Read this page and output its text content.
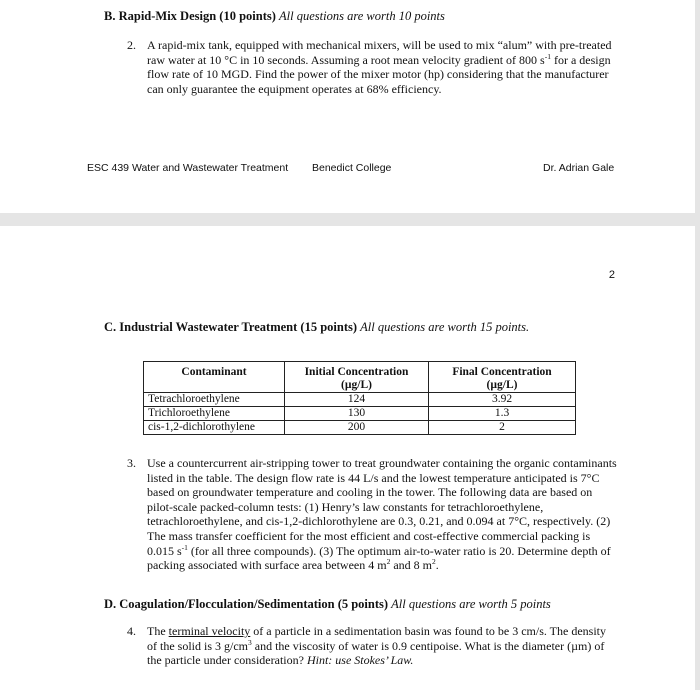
B. Rapid-Mix Design (10 points) All questions are worth 10 points
2. A rapid-mix tank, equipped with mechanical mixers, will be used to mix “alum” with pre-treated raw water at 10 °C in 10 seconds. Assuming a root mean velocity gradient of 800 $s^{-1}$ for a design flow rate of 10 MGD. Find the power of the mixer motor (hp) considering that the manufacturer can only guarantee the equipment operates at 68% efficiency.
ESC 439 Water and Wastewater Treatment Benedict College	Dr. Adrian Gale
2
C. Industrial Wastewater Treatment (15 points) All questions are worth 15 points.
Contaminant	Initial Concentration	Final Concentration
	(µg/L)	(µg/L)
Tetrachloroethylene	124	3.92
Trichloroethylene	130	1.3
cis-1,2-dichlorothylene	200	2
3. Use a countercurrent air-stripping tower to treat groundwater containing the organic contaminants listed in the table. The design flow rate is 44 L/s and the lowest temperature anticipated is 7°C based on groundwater temperature and cooling in the tower. The following data are based on pilot-scale packed-column tests: (1) Henry’s law constants for tetrachloroethylene, tetrachloroethylene, and cis-1,2-dichlorothylene are 0.3, 0.21, and 0.094 at 7°C, respectively. (2) The mass transfer coefficient for the most efficient and cost-effective commercial packing is 0.015 $s^{-1}$ (for all three compounds). (3) The optimum air-to-water ratio is 20. Determine depth of packing associated with surface area between 4 $m^2$ and 8 $m^2$.
D. Coagulation/Flocculation/Sedimentation (5 points) All questions are worth 5 points
4. The terminal velocity of a particle in a sedimentation basin was found to be 3 cm/s. The density of the solid is 3 $g/cm^3$ and the viscosity of water is 0.9 centipoise. What is the diameter (µm) of the particle under consideration? Hint: use Stokes’ Law.
